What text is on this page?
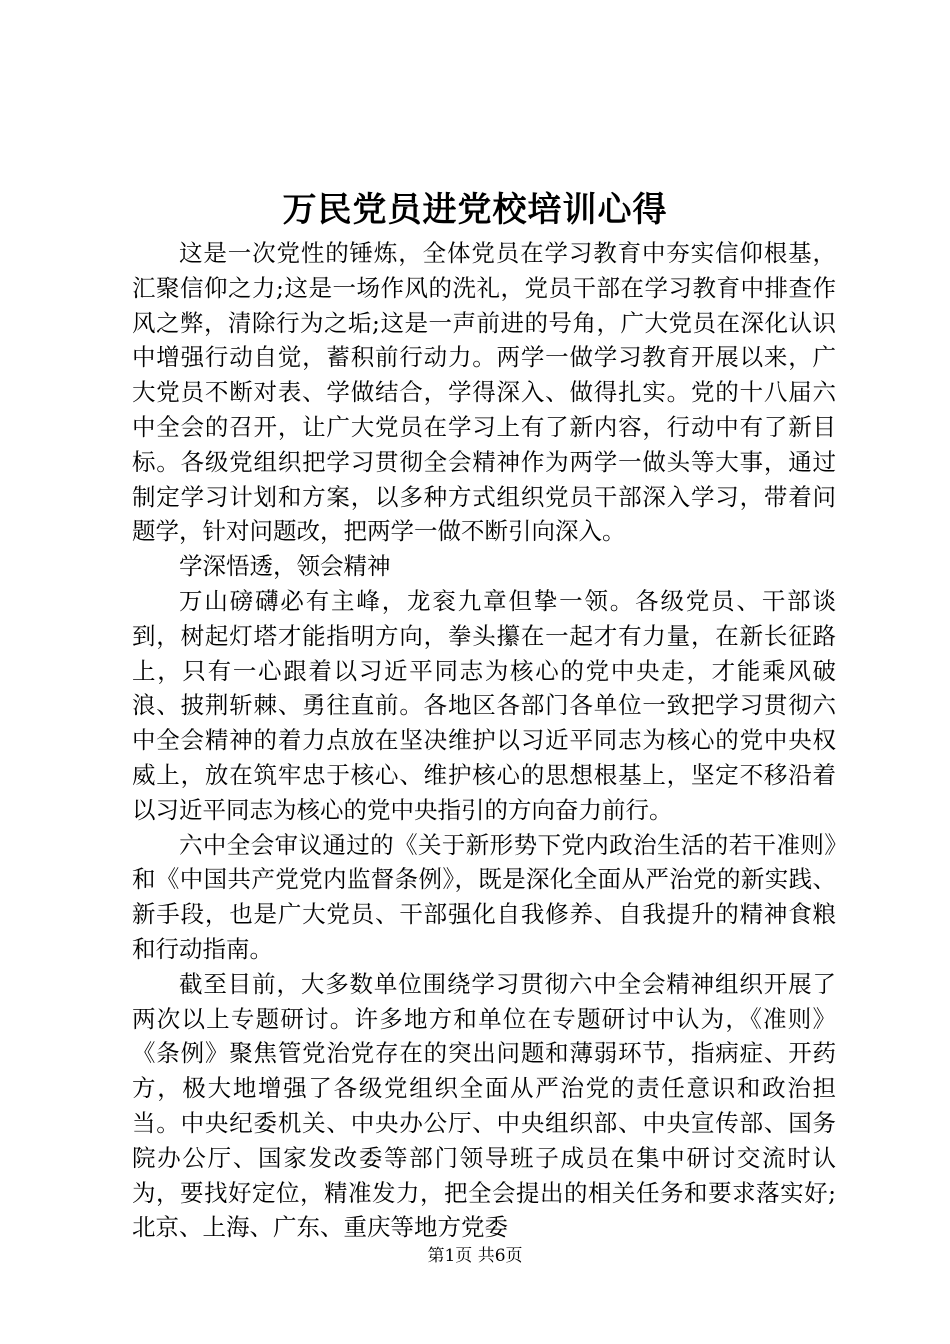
万民党员进党校培训心得

这是一次党性的锤炼，全体党员在学习教育中夯实信仰根基，汇聚信仰之力;这是一场作风的洗礼，党员干部在学习教育中排查作风之弊，清除行为之垢;这是一声前进的号角，广大党员在深化认识中增强行动自觉，蓄积前行动力。两学一做学习教育开展以来，广大党员不断对表、学做结合，学得深入、做得扎实。党的十八届六中全会的召开，让广大党员在学习上有了新内容，行动中有了新目标。各级党组织把学习贯彻全会精神作为两学一做头等大事，通过制定学习计划和方案，以多种方式组织党员干部深入学习，带着问题学，针对问题改，把两学一做不断引向深入。

学深悟透，领会精神

万山磅礴必有主峰，龙衮九章但挚一领。各级党员、干部谈到，树起灯塔才能指明方向，拳头攥在一起才有力量，在新长征路上，只有一心跟着以习近平同志为核心的党中央走，才能乘风破浪、披荆斩棘、勇往直前。各地区各部门各单位一致把学习贯彻六中全会精神的着力点放在坚决维护以习近平同志为核心的党中央权威上，放在筑牢忠于核心、维护核心的思想根基上，坚定不移沿着以习近平同志为核心的党中央指引的方向奋力前行。

六中全会审议通过的《关于新形势下党内政治生活的若干准则》和《中国共产党党内监督条例》，既是深化全面从严治党的新实践、新手段，也是广大党员、干部强化自我修养、自我提升的精神食粮和行动指南。

截至目前，大多数单位围绕学习贯彻六中全会精神组织开展了两次以上专题研讨。许多地方和单位在专题研讨中认为，《准则》《条例》聚焦管党治党存在的突出问题和薄弱环节，指病症、开药方，极大地增强了各级党组织全面从严治党的责任意识和政治担当。中央纪委机关、中央办公厅、中央组织部、中央宣传部、国务院办公厅、国家发改委等部门领导班子成员在集中研讨交流时认为，要找好定位，精准发力，把全会提出的相关任务和要求落实好;北京、上海、广东、重庆等地方党委

第1页 共6页
